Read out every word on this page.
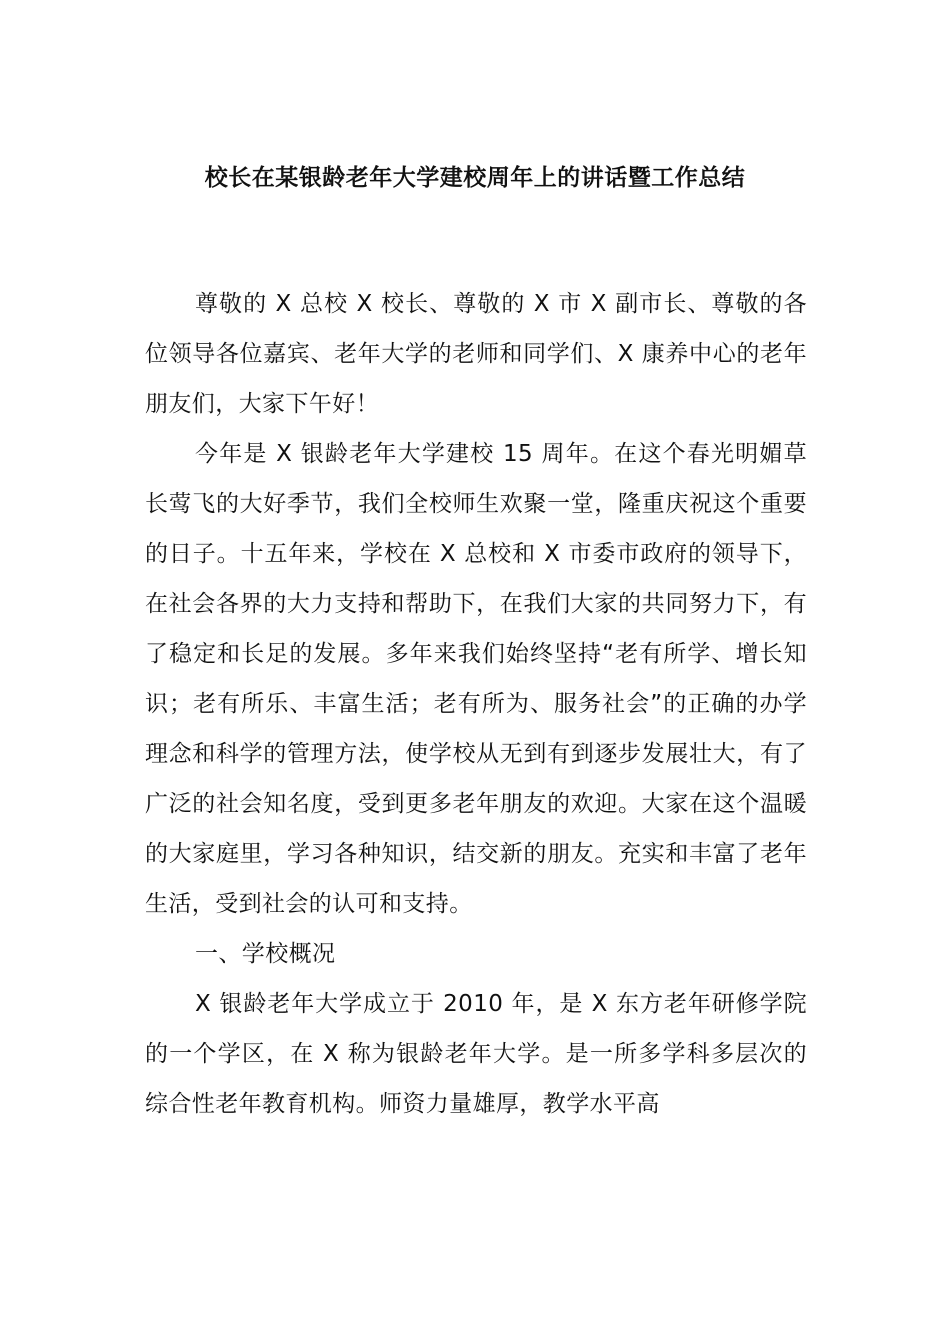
校长在某银龄老年大学建校周年上的讲话暨工作总结

尊敬的 X 总校 X 校长、尊敬的 X 市 X 副市长、尊敬的各位领导各位嘉宾、老年大学的老师和同学们、X 康养中心的老年朋友们，大家下午好！

今年是 X 银龄老年大学建校 15 周年。在这个春光明媚草长莺飞的大好季节，我们全校师生欢聚一堂，隆重庆祝这个重要的日子。十五年来，学校在 X 总校和 X 市委市政府的领导下，在社会各界的大力支持和帮助下，在我们大家的共同努力下，有了稳定和长足的发展。多年来我们始终坚持“老有所学、增长知识；老有所乐、丰富生活；老有所为、服务社会”的正确的办学理念和科学的管理方法，使学校从无到有到逐步发展壮大，有了广泛的社会知名度，受到更多老年朋友的欢迎。大家在这个温暖的大家庭里，学习各种知识，结交新的朋友。充实和丰富了老年生活，受到社会的认可和支持。

一、学校概况

X 银龄老年大学成立于 2010 年，是 X 东方老年研修学院的一个学区，在 X 称为银龄老年大学。是一所多学科多层次的综合性老年教育机构。师资力量雄厚，教学水平高
